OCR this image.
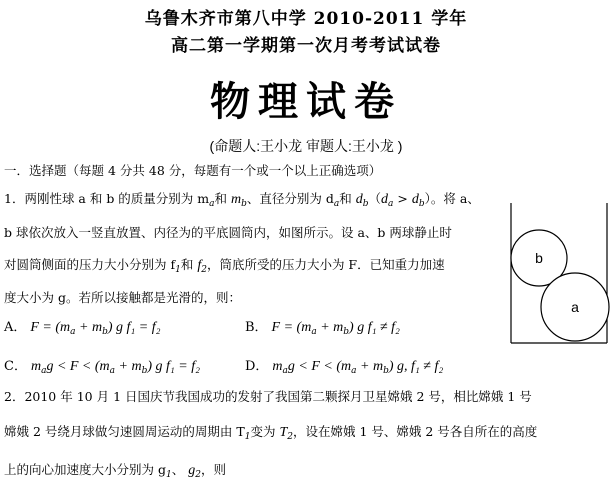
乌鲁木齐市第八中学 2010-2011 学年
高二第一学期第一次月考考试试卷
物理试卷
(命题人:王小龙 审题人:王小龙 )
一．选择题（每题 4 分共 48 分，每题有一个或一个以上正确选项）
1．两刚性球 a 和 b 的质量分别为 $m_a$和 $m_b$、直径分别为 $d_a$和 $d_b(d_a > d_b)$。将 a、
b 球依次放入一竖直放置、内径为的平底圆筒内，如图所示。设 a、b 两球静止时
对圆筒侧面的压力大小分别为 $f_1$和 $f_2$，筒底所受的压力大小为 F．已知重力加速
度大小为 g。若所以接触都是光滑的，则：
A． $F = (m_a + m_b)$ g f₁ = f₂	B． $F = (m_a + m_b)$ g f₁ ≠ f₂
C． $m_ag < F < (m_a + m_b)$ g f₁ = f₂	D． $m_ag < F < (m_a + m_b)$ g, f₁ ≠ f₂
b
a
2．2010 年 10 月 1 日国庆节我国成功的发射了我国第二颗探月卫星嫦娥 2 号，相比嫦娥 1 号
嫦娥 2 号绕月球做匀速圆周运动的周期由 $T_1$变为 $T_2$，设在嫦娥 1 号、嫦娥 2 号各自所在的高度
上的向心加速度大小分别为 $g_1$、 $g_2$，则
